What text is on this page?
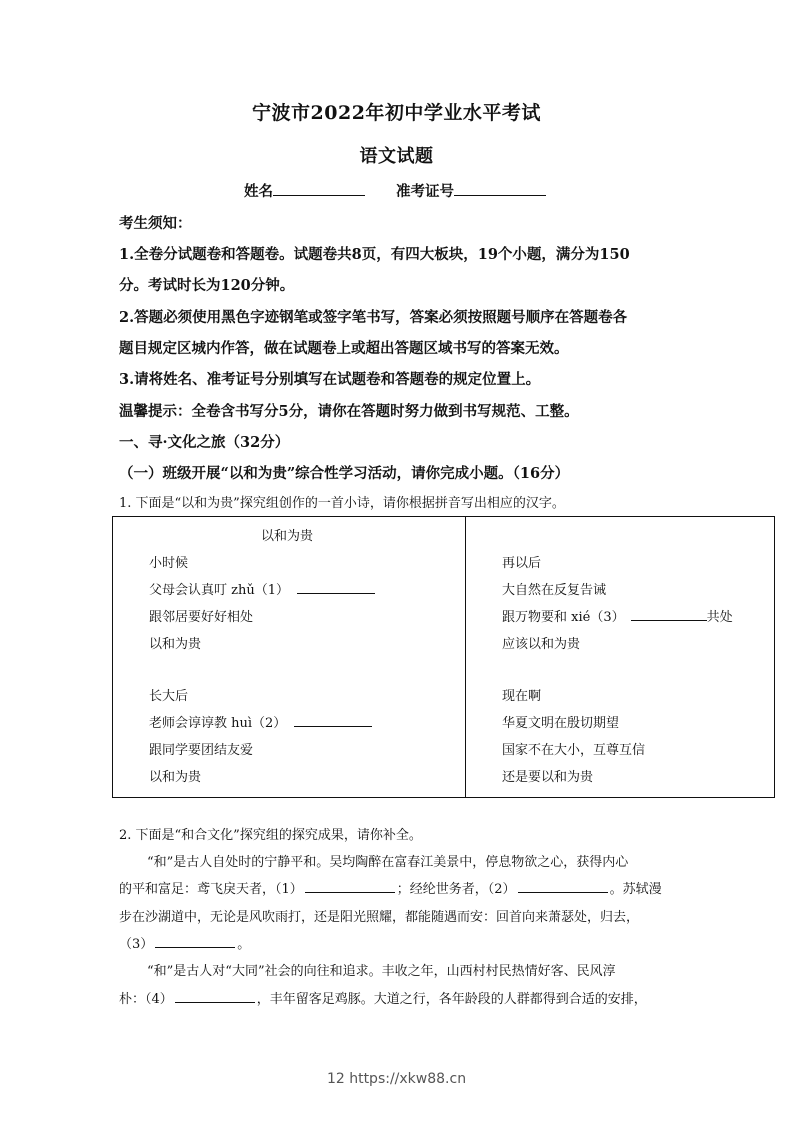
宁波市2022年初中学业水平考试
语文试题
姓名	准考证号
考生须知：
1.全卷分试题卷和答题卷。试题卷共8页，有四大板块，19个小题，满分为150
分。考试时长为120分钟。
2.答题必须使用黑色字迹钢笔或签字笔书写，答案必须按照题号顺序在答题卷各
题目规定区城内作答，做在试题卷上或超出答题区域书写的答案无效。
3.请将姓名、准考证号分别填写在试题卷和答题卷的规定位置上。
温馨提示：全卷含书写分5分，请你在答题时努力做到书写规范、工整。
一、寻·文化之旅（32分）
（一）班级开展“以和为贵”综合性学习活动，请你完成小题。（16分）
1. 下面是“以和为贵”探究组创作的一首小诗，请你根据拼音写出相应的汉字。
以和为贵
小时候
父母会认真叮 zhǔ（1）
跟邻居要好好相处
以和为贵
长大后
老师会谆谆教 huì（2）
跟同学要团结友爱
以和为贵
再以后
大自然在反复告诫
跟万物要和 xié（3）	共处
应该以和为贵
现在啊
华夏文明在殷切期望
国家不在大小，互尊互信
还是要以和为贵
2. 下面是“和合文化”探究组的探究成果，请你补全。
“和”是古人自处时的宁静平和。吴均陶醉在富春江美景中，停息物欲之心，获得内心
的平和富足：鸢飞戾天者，（1）	；经纶世务者，（2）	。苏轼漫
步在沙湖道中，无论是风吹雨打，还是阳光照耀，都能随遇而安：回首向来萧瑟处，归去，
（3）	。
“和”是古人对“大同”社会的向往和追求。丰收之年，山西村村民热情好客、民风淳
朴：（4）	，丰年留客足鸡豚。大道之行，各年龄段的人群都得到合适的安排，
12 https://xkw88.cn
